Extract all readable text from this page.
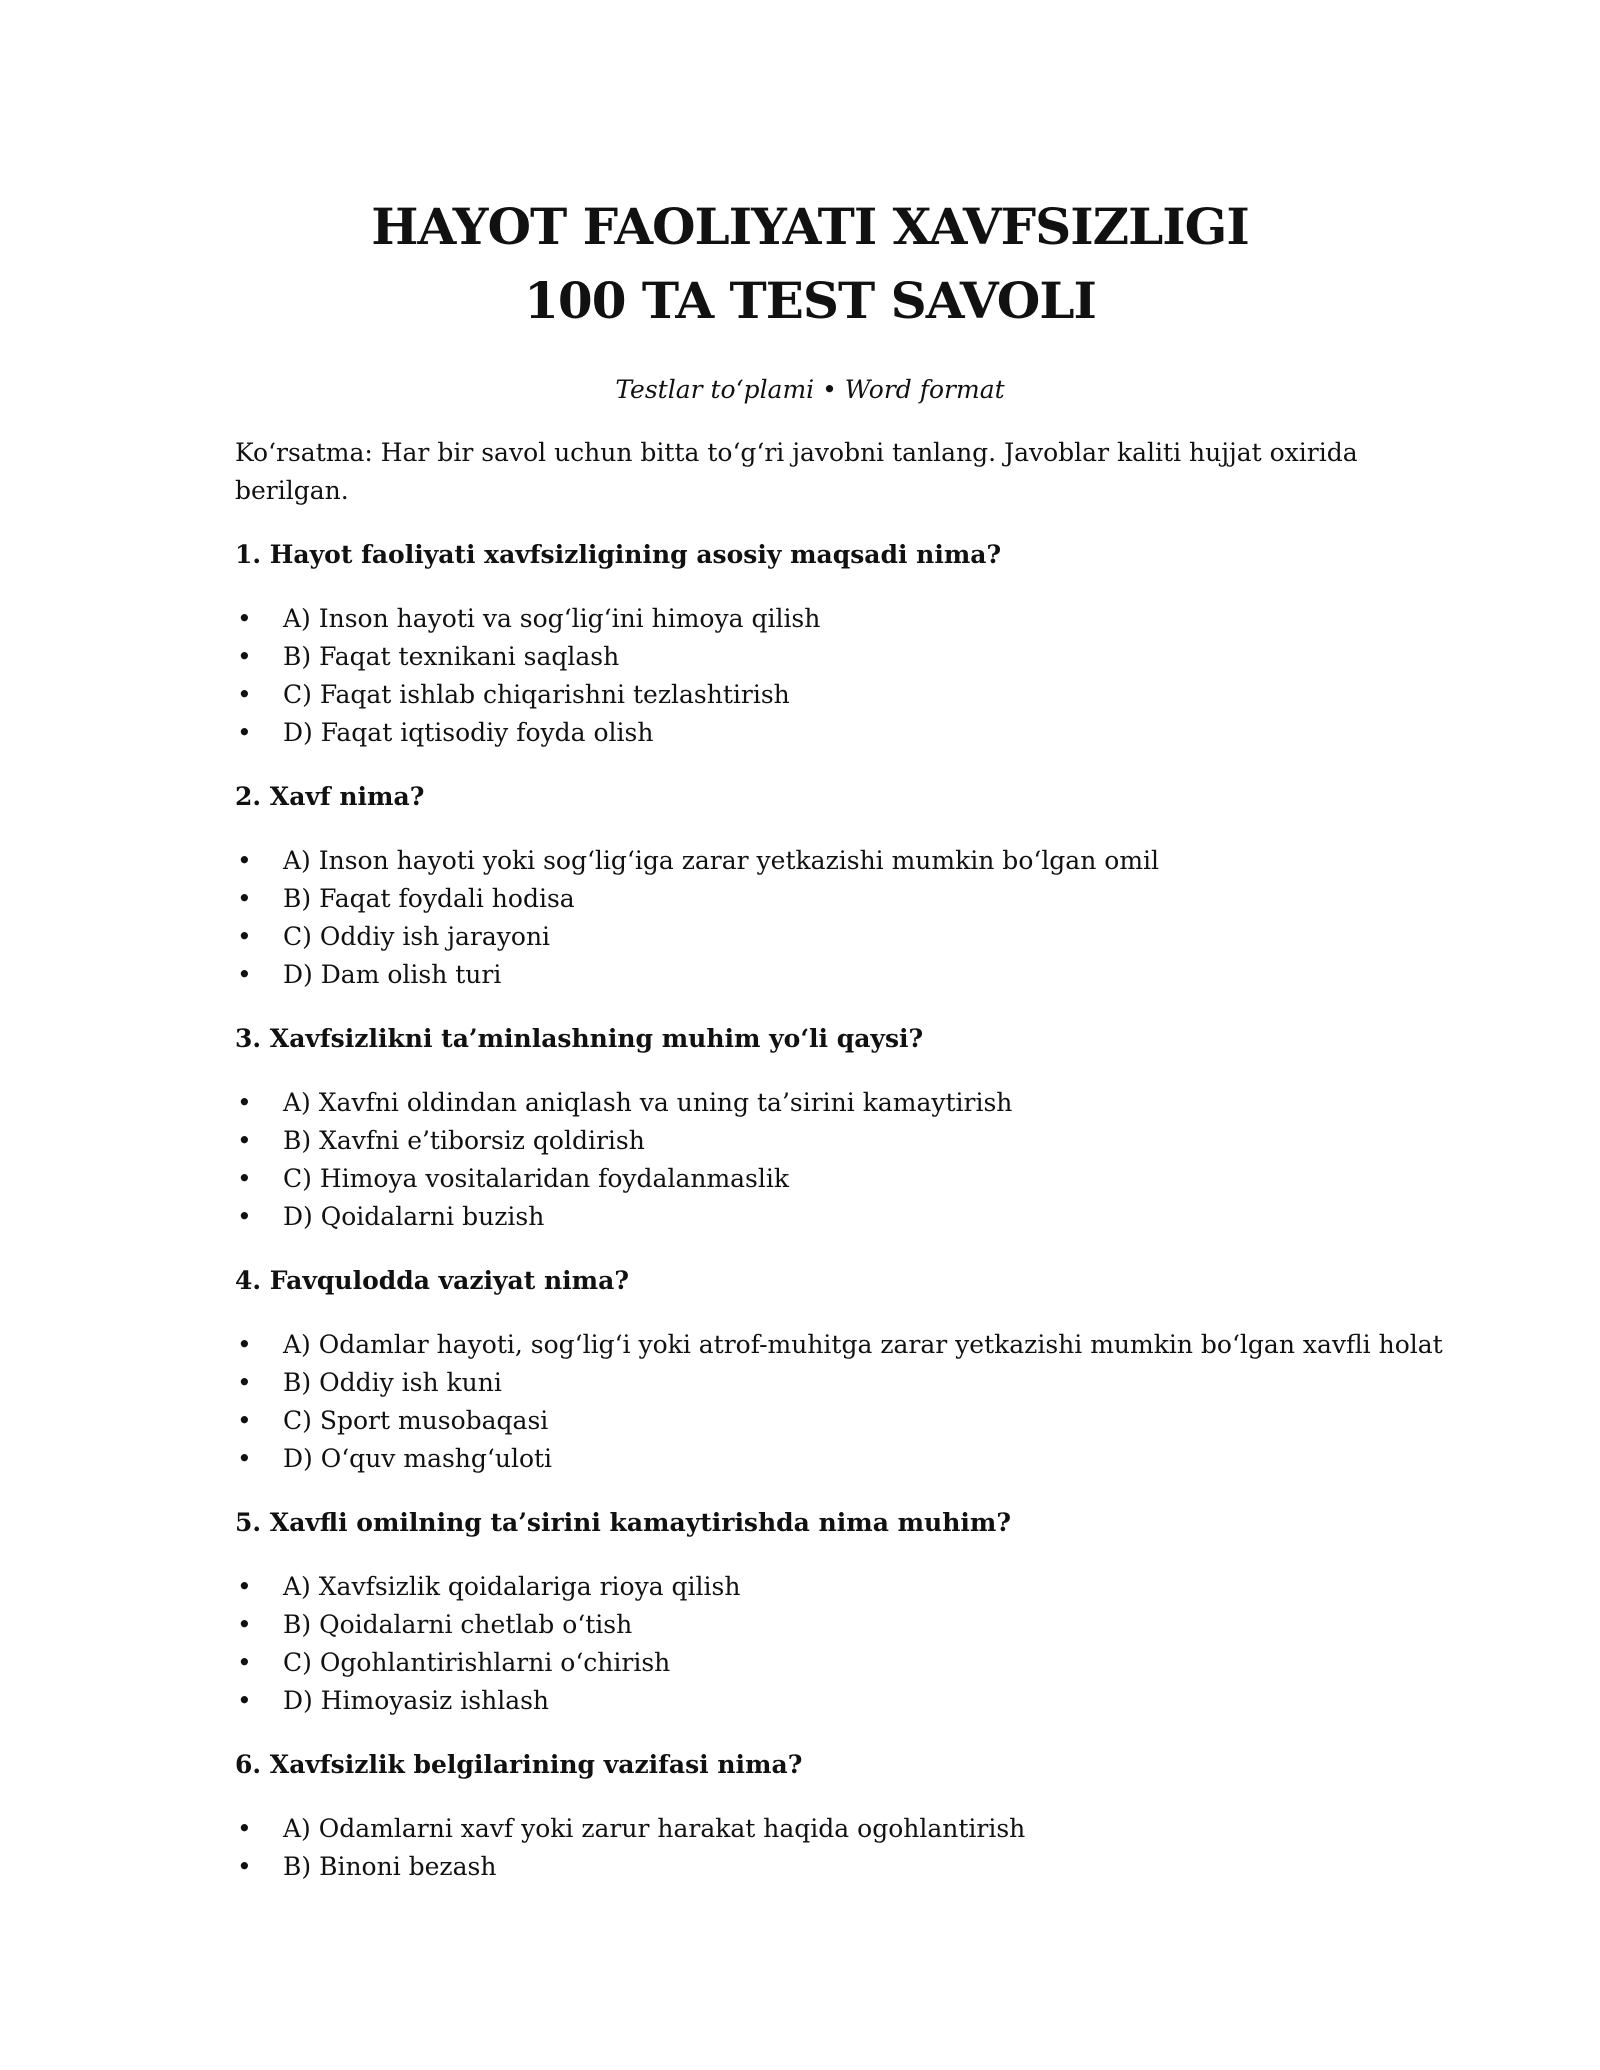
HAYOT FAOLIYATI XAVFSIZLIGI
100 TA TEST SAVOLI

Testlar toʻplami • Word format

Koʻrsatma: Har bir savol uchun bitta toʻgʻri javobni tanlang. Javoblar kaliti hujjat oxirida berilgan.

1. Hayot faoliyati xavfsizligining asosiy maqsadi nima?

• A) Inson hayoti va sogʻligʻini himoya qilish
• B) Faqat texnikani saqlash
• C) Faqat ishlab chiqarishni tezlashtirish
• D) Faqat iqtisodiy foyda olish

2. Xavf nima?

• A) Inson hayoti yoki sogʻligʻiga zarar yetkazishi mumkin boʻlgan omil
• B) Faqat foydali hodisa
• C) Oddiy ish jarayoni
• D) Dam olish turi

3. Xavfsizlikni ta’minlashning muhim yoʻli qaysi?

• A) Xavfni oldindan aniqlash va uning ta’sirini kamaytirish
• B) Xavfni e’tiborsiz qoldirish
• C) Himoya vositalaridan foydalanmaslik
• D) Qoidalarni buzish

4. Favqulodda vaziyat nima?

• A) Odamlar hayoti, sogʻligʻi yoki atrof-muhitga zarar yetkazishi mumkin boʻlgan xavfli holat
• B) Oddiy ish kuni
• C) Sport musobaqasi
• D) Oʻquv mashgʻuloti

5. Xavfli omilning ta’sirini kamaytirishda nima muhim?

• A) Xavfsizlik qoidalariga rioya qilish
• B) Qoidalarni chetlab oʻtish
• C) Ogohlantirishlarni oʻchirish
• D) Himoyasiz ishlash

6. Xavfsizlik belgilarining vazifasi nima?

• A) Odamlarni xavf yoki zarur harakat haqida ogohlantirish
• B) Binoni bezash
